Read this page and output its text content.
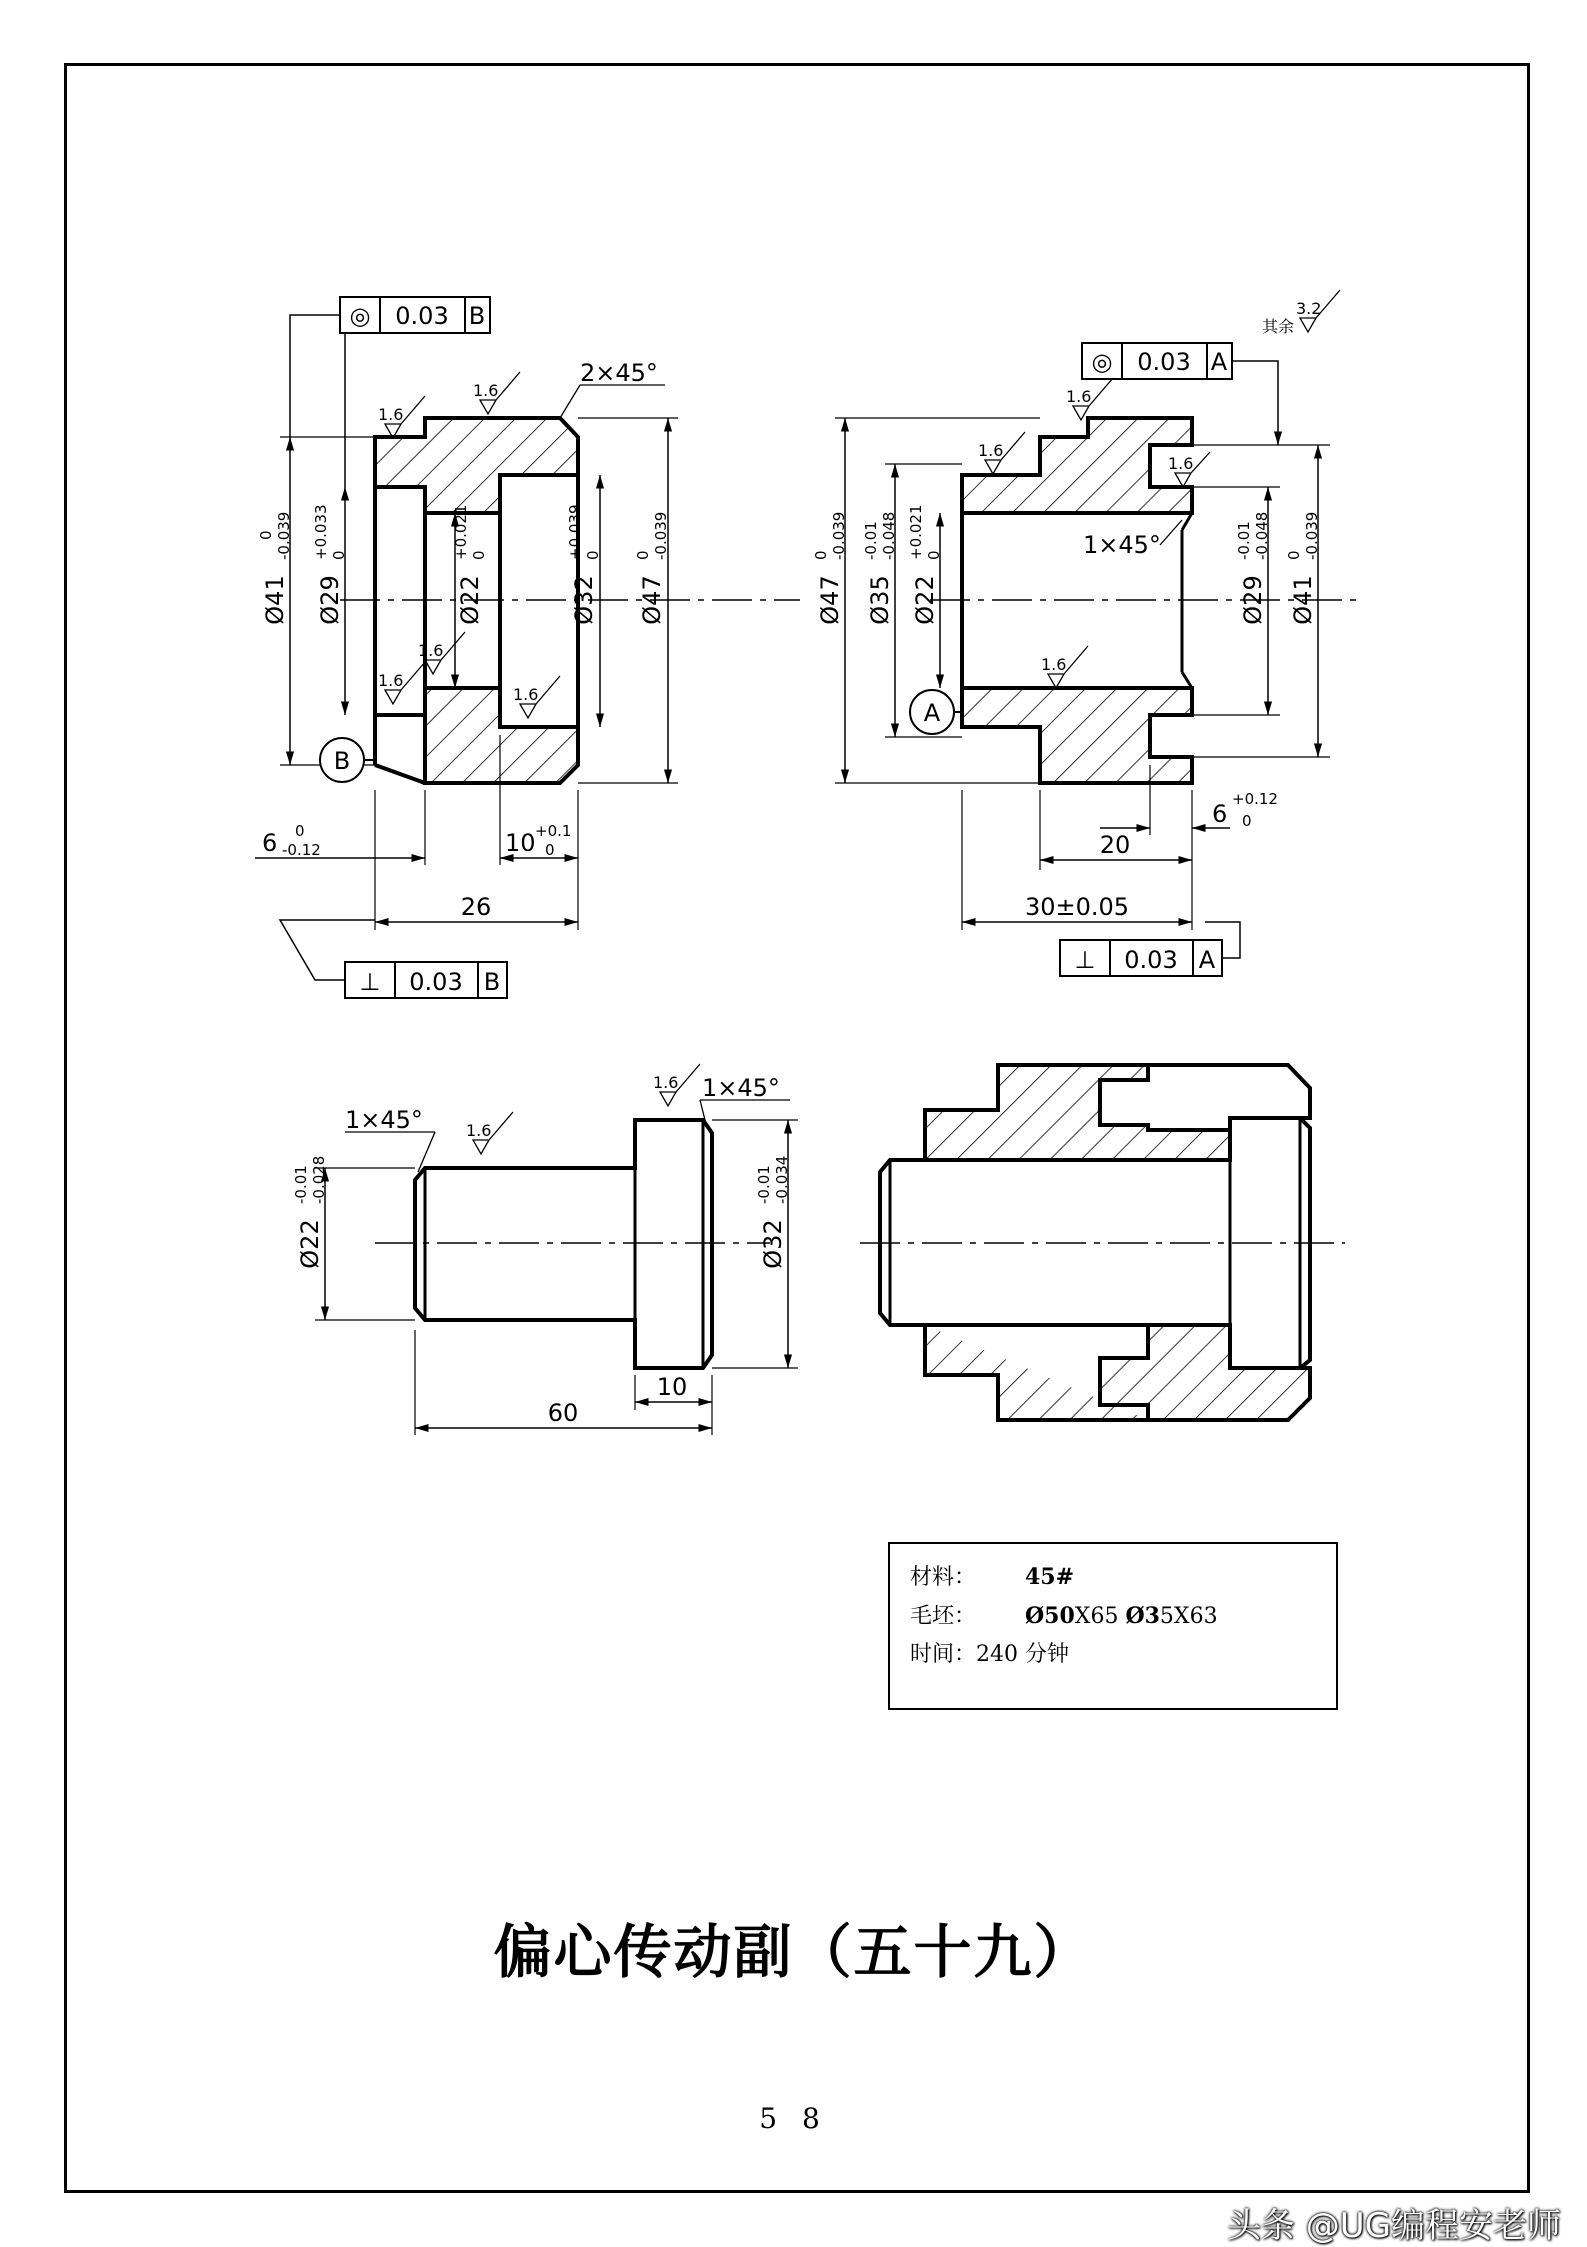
◎ 0.03 B
⊥ 0.03 B
B
2×45°
1.6
1.6
1.6
1.6
1.6
Ø41
0 -0.039
Ø29
+0.033 0
Ø22
+0.021 0
Ø32
+0.039 0
Ø47
0 -0.039
6 0
-0.12	10 +0.1
0
26
◎ 0.03 A
⊥ 0.03 A
A
其余
3.2
1×45°
1.6
1.6
1.6
1.6
Ø47
0 -0.039
Ø35
-0.01 -0.048
Ø22
+0.021 0
Ø29
-0.01 -0.048
Ø41
0 -0.039
20
6
+0.12
0
30±0.05
1×45°
1×45°
1.6
1.6
Ø22
-0.01 -0.028
Ø32
-0.01 -0.034
60
10
材料： 45#
毛坯： Ø50X65 Ø35X63
时间：240 分钟
偏心传动副（五十九）
5 8
头条 @UG编程安老师
